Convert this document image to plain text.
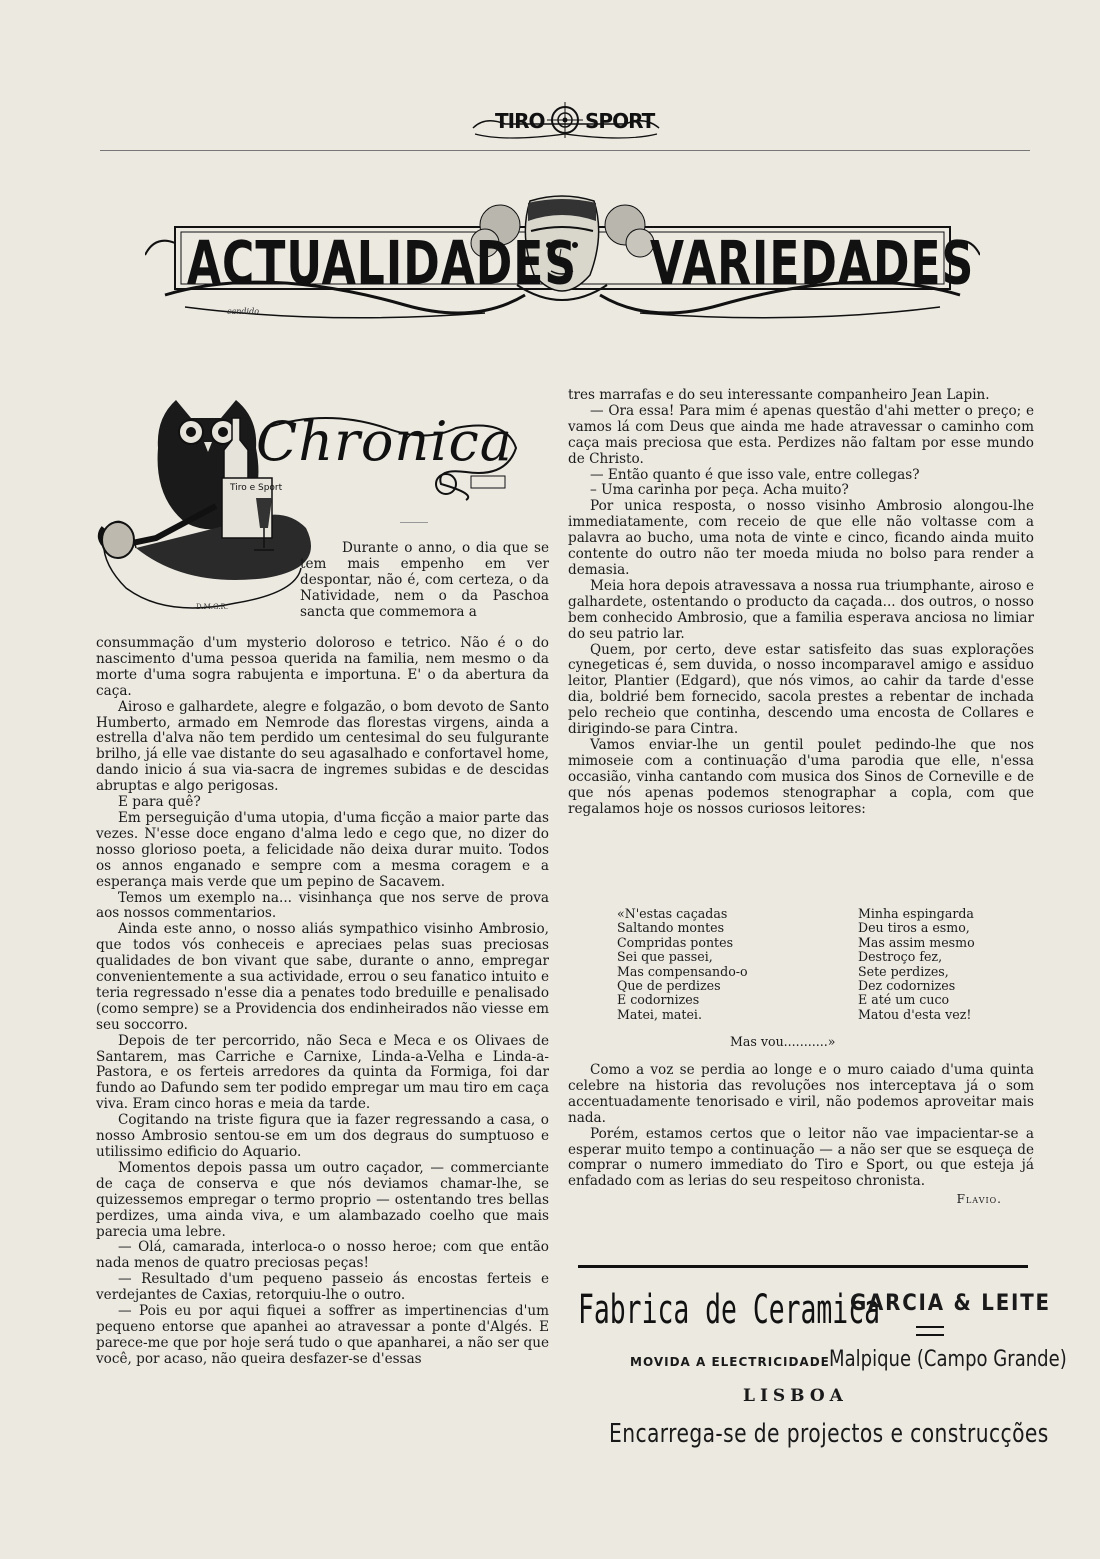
TIRO SPORT
ACTUALIDADES VARIEDADES
candido
Chronica
Tiro e Sport
D.M.G.R.

Durante o anno, o dia que se tem mais empenho em ver despontar, não é, com certeza, o da Natividade, nem o da Paschoa sancta que commemora a

consummação d'um mysterio doloroso e tetrico. Não é o do nascimento d'uma pessoa querida na familia, nem mesmo o da morte d'uma sogra rabujenta e importuna. E' o da abertura da caça.

Airoso e galhardete, alegre e folgazão, o bom devoto de Santo Humberto, armado em Nemrode das florestas virgens, ainda a estrella d'alva não tem perdido um centesimal do seu fulgurante brilho, já elle vae distante do seu agasalhado e confortavel home, dando inicio á sua via-sacra de ingremes subidas e de descidas abruptas e algo perigosas.

E para quê?

Em perseguição d'uma utopia, d'uma ficção a maior parte das vezes. N'esse doce engano d'alma ledo e cego que, no dizer do nosso glorioso poeta, a felicidade não deixa durar muito. Todos os annos enganado e sempre com a mesma coragem e a esperança mais verde que um pepino de Sacavem.

Temos um exemplo na... visinhança que nos serve de prova aos nossos commentarios.

Ainda este anno, o nosso aliás sympathico visinho Ambrosio, que todos vós conheceis e apreciaes pelas suas preciosas qualidades de bon vivant que sabe, durante o anno, empregar convenientemente a sua actividade, errou o seu fanatico intuito e teria regressado n'esse dia a penates todo breduille e penalisado (como sempre) se a Providencia dos endinheirados não viesse em seu soccorro.

Depois de ter percorrido, não Seca e Meca e os Olivaes de Santarem, mas Carriche e Carnixe, Linda-a-Velha e Linda-a-Pastora, e os ferteis arredores da quinta da Formiga, foi dar fundo ao Dafundo sem ter podido empregar um mau tiro em caça viva. Eram cinco horas e meia da tarde.

Cogitando na triste figura que ia fazer regressando a casa, o nosso Ambrosio sentou-se em um dos degraus do sumptuoso e utilissimo edificio do Aquario.

Momentos depois passa um outro caçador, — commerciante de caça de conserva e que nós deviamos chamar-lhe, se quizessemos empregar o termo proprio — ostentando tres bellas perdizes, uma ainda viva, e um alambazado coelho que mais parecia uma lebre.

— Olá, camarada, interloca-o o nosso heroe; com que então nada menos de quatro preciosas peças!

— Resultado d'um pequeno passeio ás encostas ferteis e verdejantes de Caxias, retorquiu-lhe o outro.

— Pois eu por aqui fiquei a soffrer as impertinencias d'um pequeno entorse que apanhei ao atravessar a ponte d'Algés. E parece-me que por hoje será tudo o que apanharei, a não ser que você, por acaso, não queira desfazer-se d'essas

tres marrafas e do seu interessante companheiro Jean Lapin.

— Ora essa! Para mim é apenas questão d'ahi metter o preço; e vamos lá com Deus que ainda me hade atravessar o caminho com caça mais preciosa que esta. Perdizes não faltam por esse mundo de Christo.

— Então quanto é que isso vale, entre collegas?

– Uma carinha por peça. Acha muito?

Por unica resposta, o nosso visinho Ambrosio alongou-lhe immediatamente, com receio de que elle não voltasse com a palavra ao bucho, uma nota de vinte e cinco, ficando ainda muito contente do outro não ter moeda miuda no bolso para render a demasia.

Meia hora depois atravessava a nossa rua triumphante, airoso e galhardete, ostentando o producto da caçada... dos outros, o nosso bem conhecido Ambrosio, que a familia esperava anciosa no limiar do seu patrio lar.

Quem, por certo, deve estar satisfeito das suas explorações cynegeticas é, sem duvida, o nosso incomparavel amigo e assiduo leitor, Plantier (Edgard), que nós vimos, ao cahir da tarde d'esse dia, boldrié bem fornecido, sacola prestes a rebentar de inchada pelo recheio que continha, descendo uma encosta de Collares e dirigindo-se para Cintra.

Vamos enviar-lhe un gentil poulet pedindo-lhe que nos mimoseie com a continuação d'uma parodia que elle, n'essa occasião, vinha cantando com musica dos Sinos de Corneville e de que nós apenas podemos stenographar a copla, com que regalamos hoje os nossos curiosos leitores:

«N'estas caçadas
Saltando montes
Compridas pontes
Sei que passei,
Mas compensando-o
Que de perdizes
E codornizes
Matei, matei.
Minha espingarda
Deu tiros a esmo,
Mas assim mesmo
Destroço fez,
Sete perdizes,
Dez codornizes
E até um cuco
Matou d'esta vez!
Mas vou...........»

Como a voz se perdia ao longe e o muro caiado d'uma quinta celebre na historia das revoluções nos interceptava já o som accentuadamente tenorisado e viril, não podemos aproveitar mais nada.

Porém, estamos certos que o leitor não vae impacientar-se a esperar muito tempo a continuação — a não ser que se esqueça de comprar o numero immediato do Tiro e Sport, ou que esteja já enfadado com as lerias do seu respeitoso chronista.

Flavio.

Fabrica de Ceramica
GARCIA & LEITE
MOVIDA A ELECTRICIDADE Malpique (Campo Grande)
LISBOA
Encarrega-se de projectos e construcções
